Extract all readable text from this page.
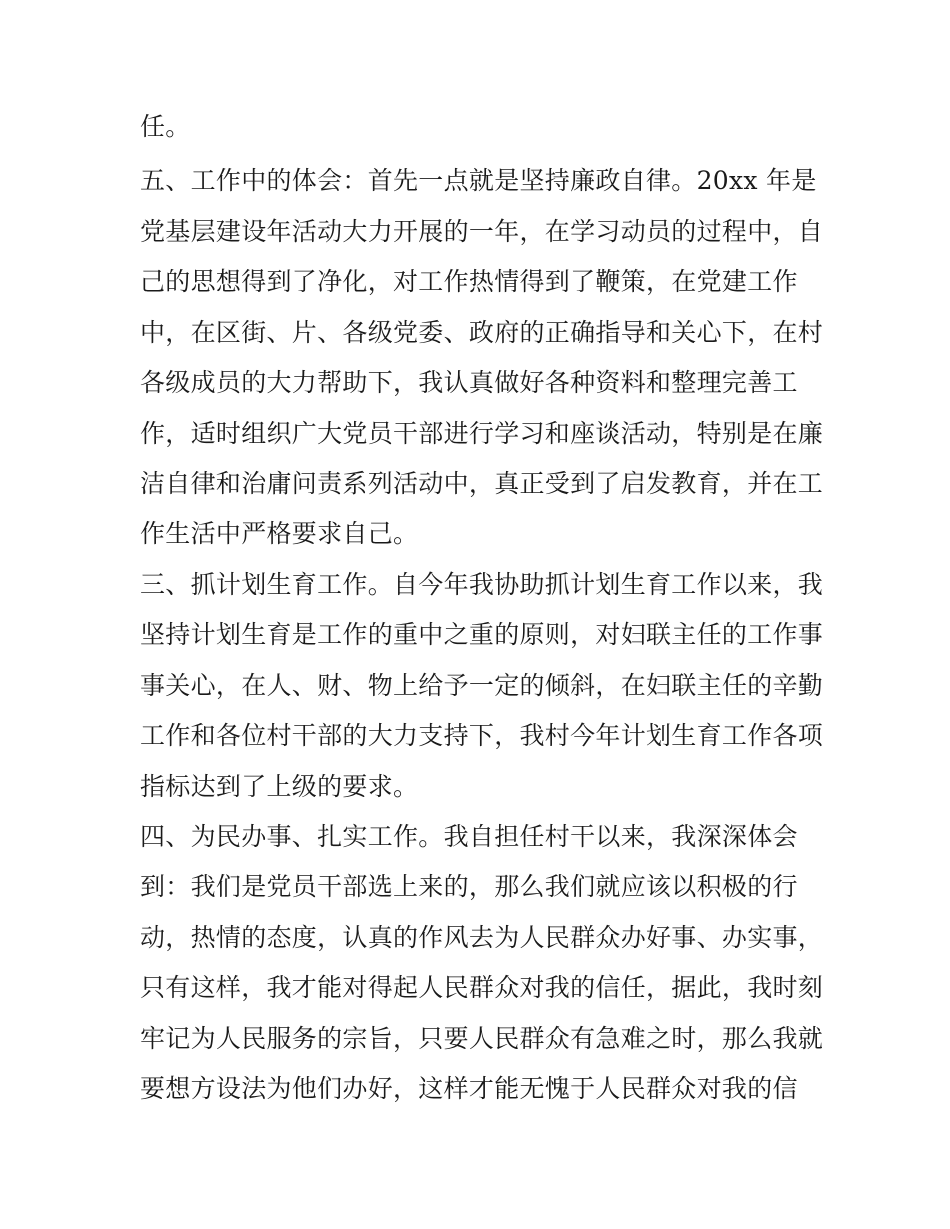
任。
五、工作中的体会：首先一点就是坚持廉政自律。20xx 年是
党基层建设年活动大力开展的一年，在学习动员的过程中，自
己的思想得到了净化，对工作热情得到了鞭策，在党建工作
中，在区街、片、各级党委、政府的正确指导和关心下，在村
各级成员的大力帮助下，我认真做好各种资料和整理完善工
作，适时组织广大党员干部进行学习和座谈活动，特别是在廉
洁自律和治庸问责系列活动中，真正受到了启发教育，并在工
作生活中严格要求自己。
三、抓计划生育工作。自今年我协助抓计划生育工作以来，我
坚持计划生育是工作的重中之重的原则，对妇联主任的工作事
事关心，在人、财、物上给予一定的倾斜，在妇联主任的辛勤
工作和各位村干部的大力支持下，我村今年计划生育工作各项
指标达到了上级的要求。
四、为民办事、扎实工作。我自担任村干以来，我深深体会
到：我们是党员干部选上来的，那么我们就应该以积极的行
动，热情的态度，认真的作风去为人民群众办好事、办实事，
只有这样，我才能对得起人民群众对我的信任，据此，我时刻
牢记为人民服务的宗旨，只要人民群众有急难之时，那么我就
要想方设法为他们办好，这样才能无愧于人民群众对我的信
